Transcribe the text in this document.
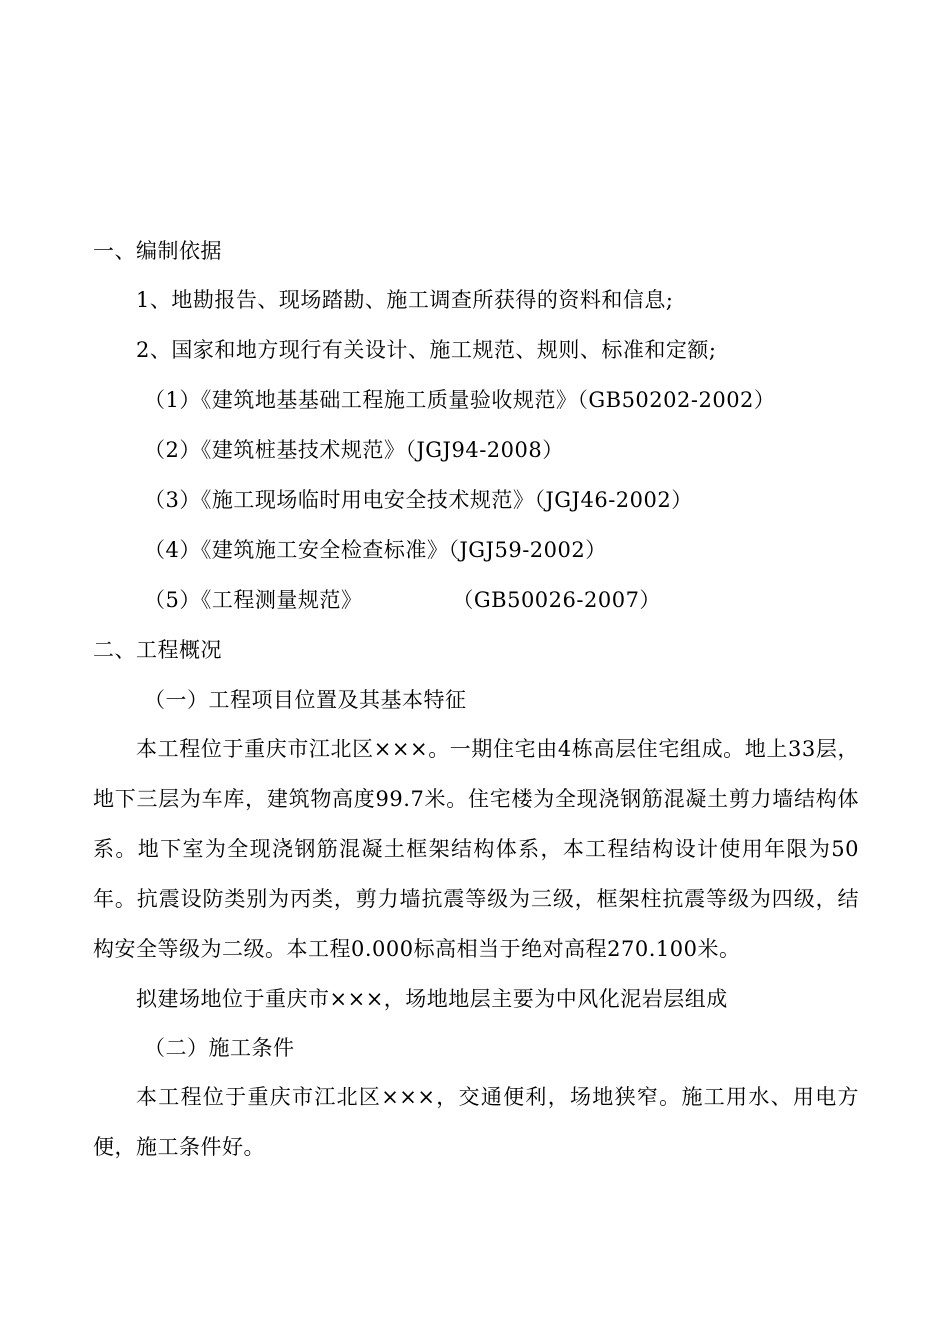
一、编制依据
1、地勘报告、现场踏勘、施工调查所获得的资料和信息;
2、国家和地方现行有关设计、施工规范、规则、标准和定额;
（1）《建筑地基基础工程施工质量验收规范》（GB50202-2002）
（2）《建筑桩基技术规范》（JGJ94-2008）
（3）《施工现场临时用电安全技术规范》（JGJ46-2002）
（4）《建筑施工安全检查标准》（JGJ59-2002）
（5）《工程测量规范》	（GB50026-2007）
二、工程概况
（一）工程项目位置及其基本特征
本工程位于重庆市江北区×××。一期住宅由4栋高层住宅组成。地上33层，地下三层为车库，建筑物高度99.7米。住宅楼为全现浇钢筋混凝土剪力墙结构体系。地下室为全现浇钢筋混凝土框架结构体系，本工程结构设计使用年限为50年。抗震设防类别为丙类，剪力墙抗震等级为三级，框架柱抗震等级为四级，结构安全等级为二级。本工程0.000标高相当于绝对高程270.100米。
拟建场地位于重庆市×××，场地地层主要为中风化泥岩层组成
（二）施工条件
本工程位于重庆市江北区×××，交通便利，场地狭窄。施工用水、用电方便，施工条件好。
